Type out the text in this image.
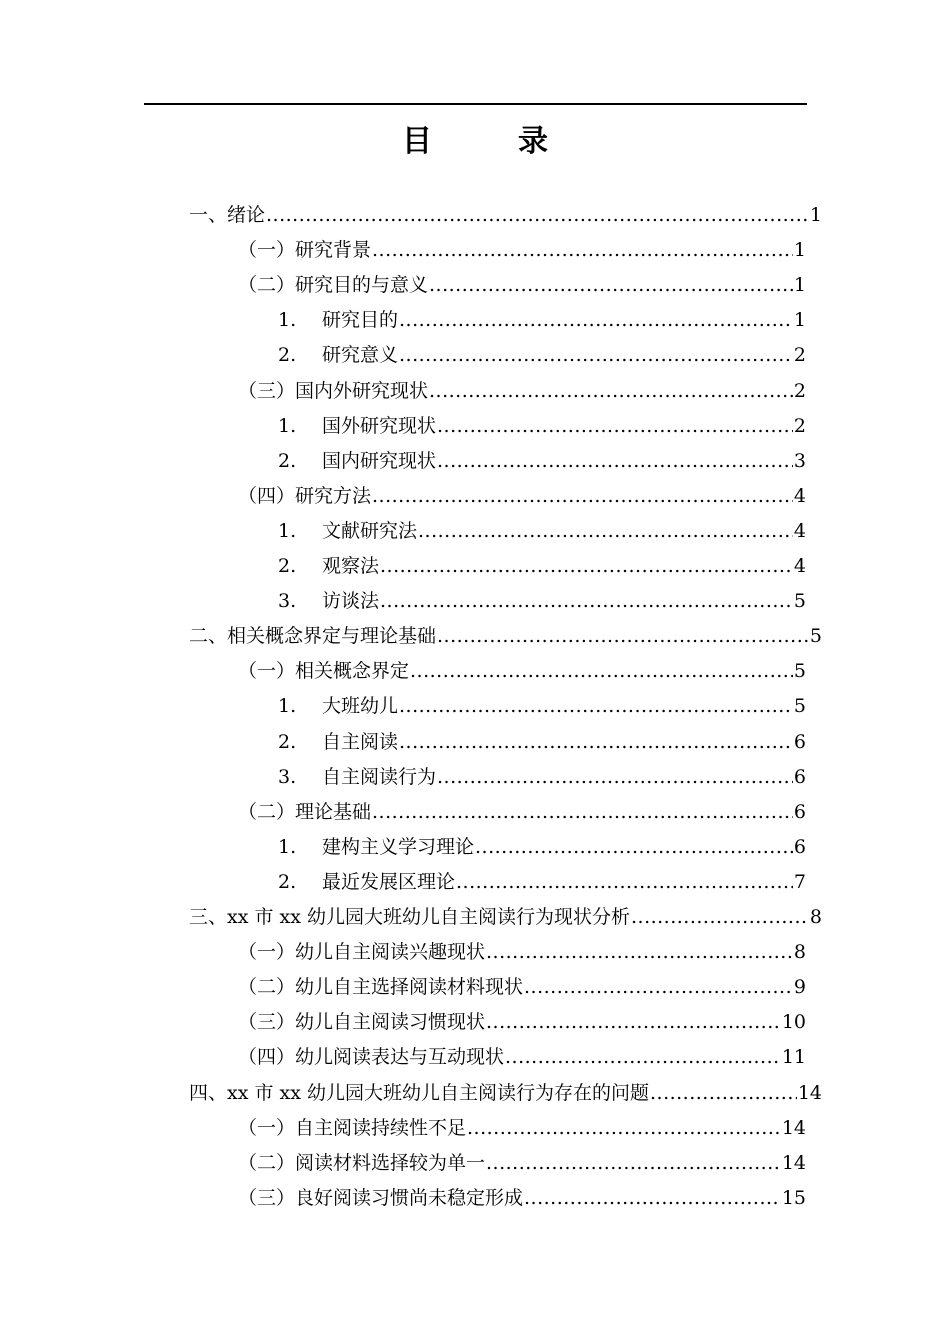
目　录
一、绪论 .....	1
（一）研究背景 .....	1
（二）研究目的与意义 .....	1
1. 研究目的 .....	1
2. 研究意义 .....	2
（三）国内外研究现状 .....	2
1. 国外研究现状 .....	2
2. 国内研究现状 .....	3
（四）研究方法 .....	4
1. 文献研究法 .....	4
2. 观察法 .....	4
3. 访谈法 .....	5
二、相关概念界定与理论基础 .....	5
（一）相关概念界定 .....	5
1. 大班幼儿 .....	5
2. 自主阅读 .....	6
3. 自主阅读行为 .....	6
（二）理论基础 .....	6
1. 建构主义学习理论 .....	6
2. 最近发展区理论 .....	7
三、xx 市 xx 幼儿园大班幼儿自主阅读行为现状分析 .....	8
（一）幼儿自主阅读兴趣现状 .....	8
（二）幼儿自主选择阅读材料现状 .....	9
（三）幼儿自主阅读习惯现状 .....	10
（四）幼儿阅读表达与互动现状 .....	11
四、xx 市 xx 幼儿园大班幼儿自主阅读行为存在的问题 .....	14
（一）自主阅读持续性不足 .....	14
（二）阅读材料选择较为单一 .....	14
（三）良好阅读习惯尚未稳定形成 .....	15
